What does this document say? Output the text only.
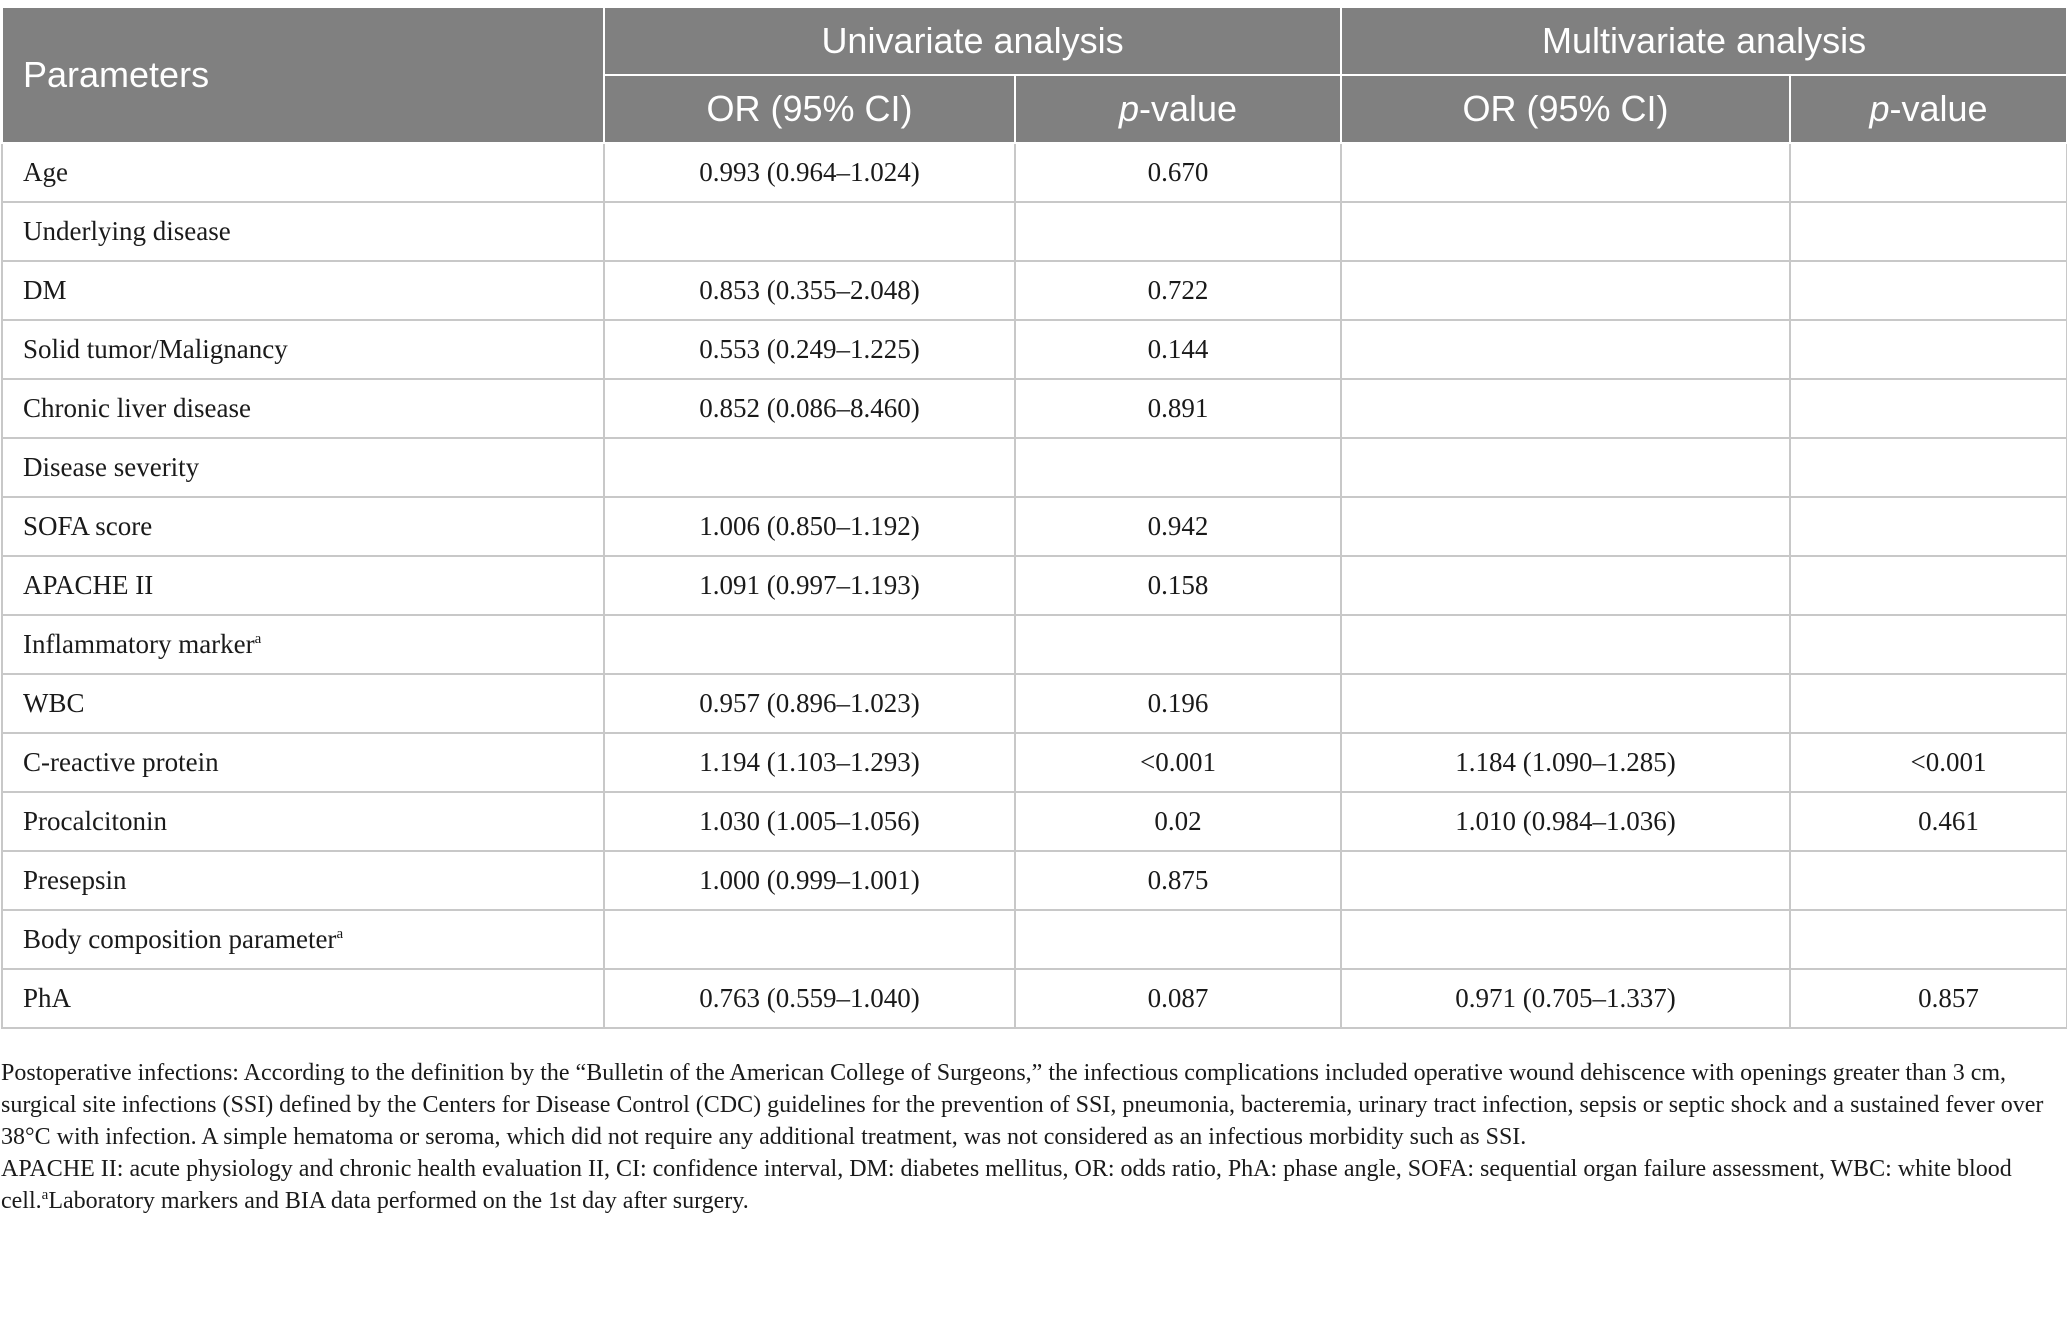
Parameters	Univariate analysis		Multivariate analysis	
	OR (95% CI)	p-value	OR (95% CI)	p-value
Age	0.993 (0.964–1.024)	0.670		
Underlying disease				
DM	0.853 (0.355–2.048)	0.722		
Solid tumor/Malignancy	0.553 (0.249–1.225)	0.144		
Chronic liver disease	0.852 (0.086–8.460)	0.891		
Disease severity				
SOFA score	1.006 (0.850–1.192)	0.942		
APACHE II	1.091 (0.997–1.193)	0.158		
Inflammatory marker$^a$				
WBC	0.957 (0.896–1.023)	0.196		
C-reactive protein	1.194 (1.103–1.293)	<0.001	1.184 (1.090–1.285)	<0.001
Procalcitonin	1.030 (1.005–1.056)	0.02	1.010 (0.984–1.036)	0.461
Presepsin	1.000 (0.999–1.001)	0.875		
Body composition parameter$^a$				
PhA	0.763 (0.559–1.040)	0.087	0.971 (0.705–1.337)	0.857

Postoperative infections: According to the definition by the “Bulletin of the American College of Surgeons,” the infectious complications included operative wound dehiscence with openings greater than 3 cm, surgical site infections (SSI) defined by the Centers for Disease Control (CDC) guidelines for the prevention of SSI, pneumonia, bacteremia, urinary tract infection, sepsis or septic shock and a sustained fever over 38°C with infection. A simple hematoma or seroma, which did not require any additional treatment, was not considered as an infectious morbidity such as SSI.

APACHE II: acute physiology and chronic health evaluation II, CI: confidence interval, DM: diabetes mellitus, OR: odds ratio, PhA: phase angle, SOFA: sequential organ failure assessment, WBC: white blood cell.$^a$Laboratory markers and BIA data performed on the 1st day after surgery.
